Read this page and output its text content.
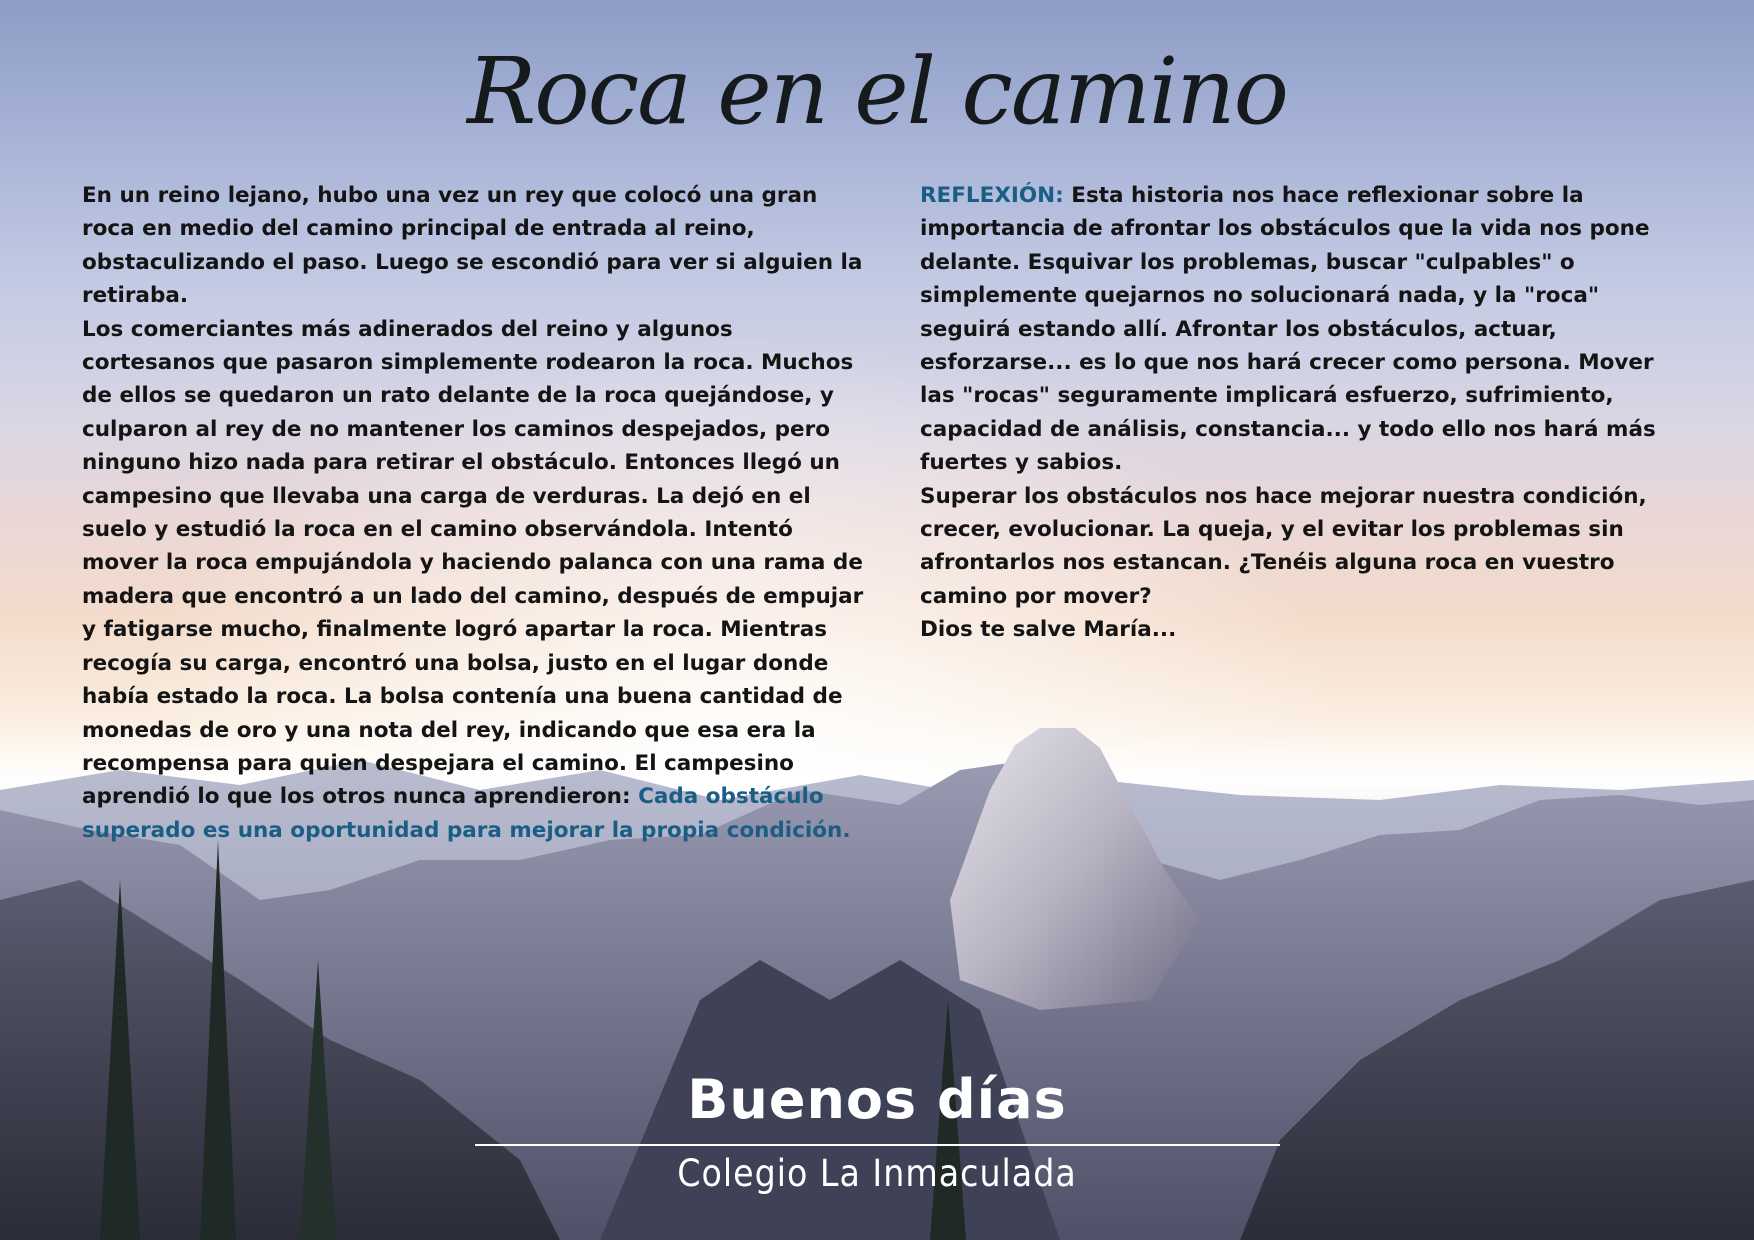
Roca en el camino

En un reino lejano, hubo una vez un rey que colocó una gran roca en medio del camino principal de entrada al reino, obstaculizando el paso. Luego se escondió para ver si alguien la retiraba.

Los comerciantes más adinerados del reino y algunos cortesanos que pasaron simplemente rodearon la roca. Muchos de ellos se quedaron un rato delante de la roca quejándose, y culparon al rey de no mantener los caminos despejados, pero ninguno hizo nada para retirar el obstáculo. Entonces llegó un campesino que llevaba una carga de verduras. La dejó en el suelo y estudió la roca en el camino observándola. Intentó mover la roca empujándola y haciendo palanca con una rama de madera que encontró a un lado del camino, después de empujar y fatigarse mucho, finalmente logró apartar la roca. Mientras recogía su carga, encontró una bolsa, justo en el lugar donde había estado la roca. La bolsa contenía una buena cantidad de monedas de oro y una nota del rey, indicando que esa era la recompensa para quien despejara el camino. El campesino aprendió lo que los otros nunca aprendieron: Cada obstáculo superado es una oportunidad para mejorar la propia condición.

REFLEXIÓN: Esta historia nos hace reflexionar sobre la importancia de afrontar los obstáculos que la vida nos pone delante. Esquivar los problemas, buscar "culpables" o simplemente quejarnos no solucionará nada, y la "roca" seguirá estando allí. Afrontar los obstáculos, actuar, esforzarse... es lo que nos hará crecer como persona. Mover las "rocas" seguramente implicará esfuerzo, sufrimiento, capacidad de análisis, constancia... y todo ello nos hará más fuertes y sabios.

Superar los obstáculos nos hace mejorar nuestra condición, crecer, evolucionar. La queja, y el evitar los problemas sin afrontarlos nos estancan. ¿Tenéis alguna roca en vuestro camino por mover?

Dios te salve María...

Buenos días
Colegio La Inmaculada
